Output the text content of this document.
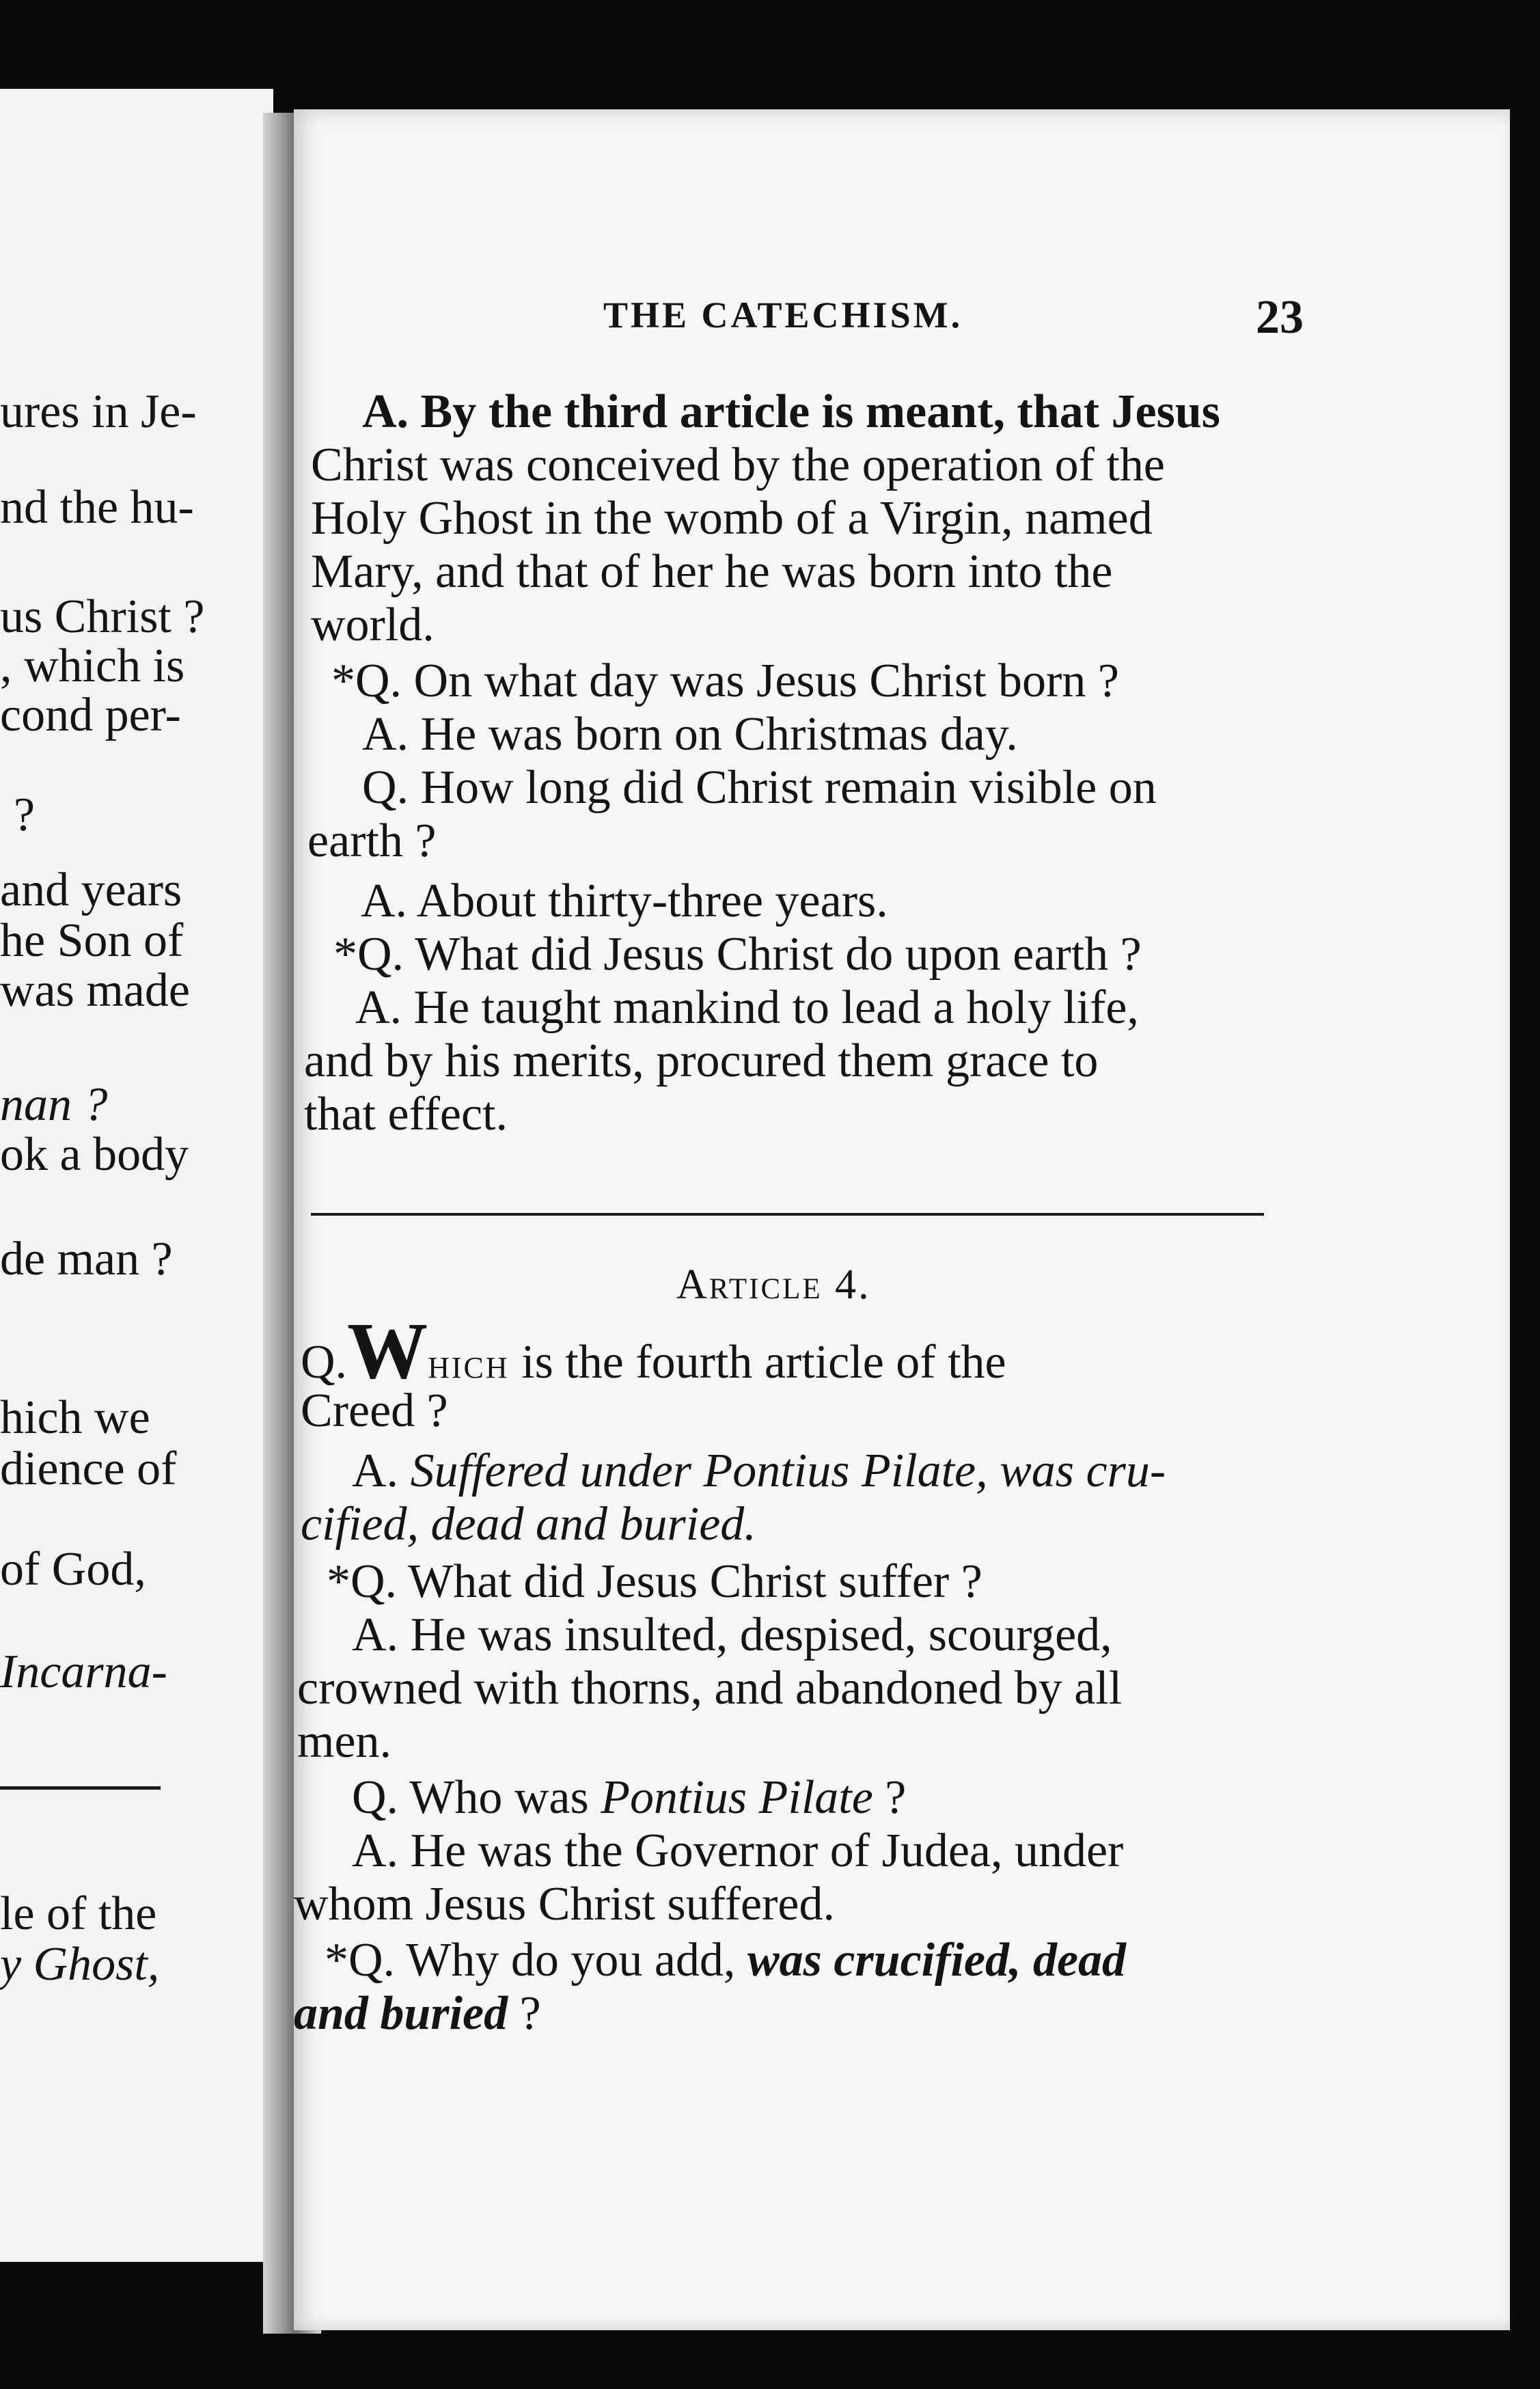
ures in Je-
nd the hu-
us Christ ?
, which is
cond per-
?
and years
he Son of
was made
nan ?
ok a body
de man ?
hich we
dience of
of God,
Incarna-
le of the
y Ghost,
THE CATECHISM.	23
A. By the third article is meant, that Jesus
Christ was conceived by the operation of the
Holy Ghost in the womb of a Virgin, named
Mary, and that of her he was born into the
world.
*Q. On what day was Jesus Christ born ?
A. He was born on Christmas day.
Q. How long did Christ remain visible on
earth ?
A. About thirty-three years.
*Q. What did Jesus Christ do upon earth ?
A. He taught mankind to lead a holy life,
and by his merits, procured them grace to
that effect.
Article 4.
Q.WHICH is the fourth article of the
Creed ?
A. Suffered under Pontius Pilate, was cru-
cified, dead and buried.
*Q. What did Jesus Christ suffer ?
A. He was insulted, despised, scourged,
crowned with thorns, and abandoned by all
men.
Q. Who was Pontius Pilate ?
A. He was the Governor of Judea, under
whom Jesus Christ suffered.
*Q. Why do you add, was crucified, dead
and buried ?
